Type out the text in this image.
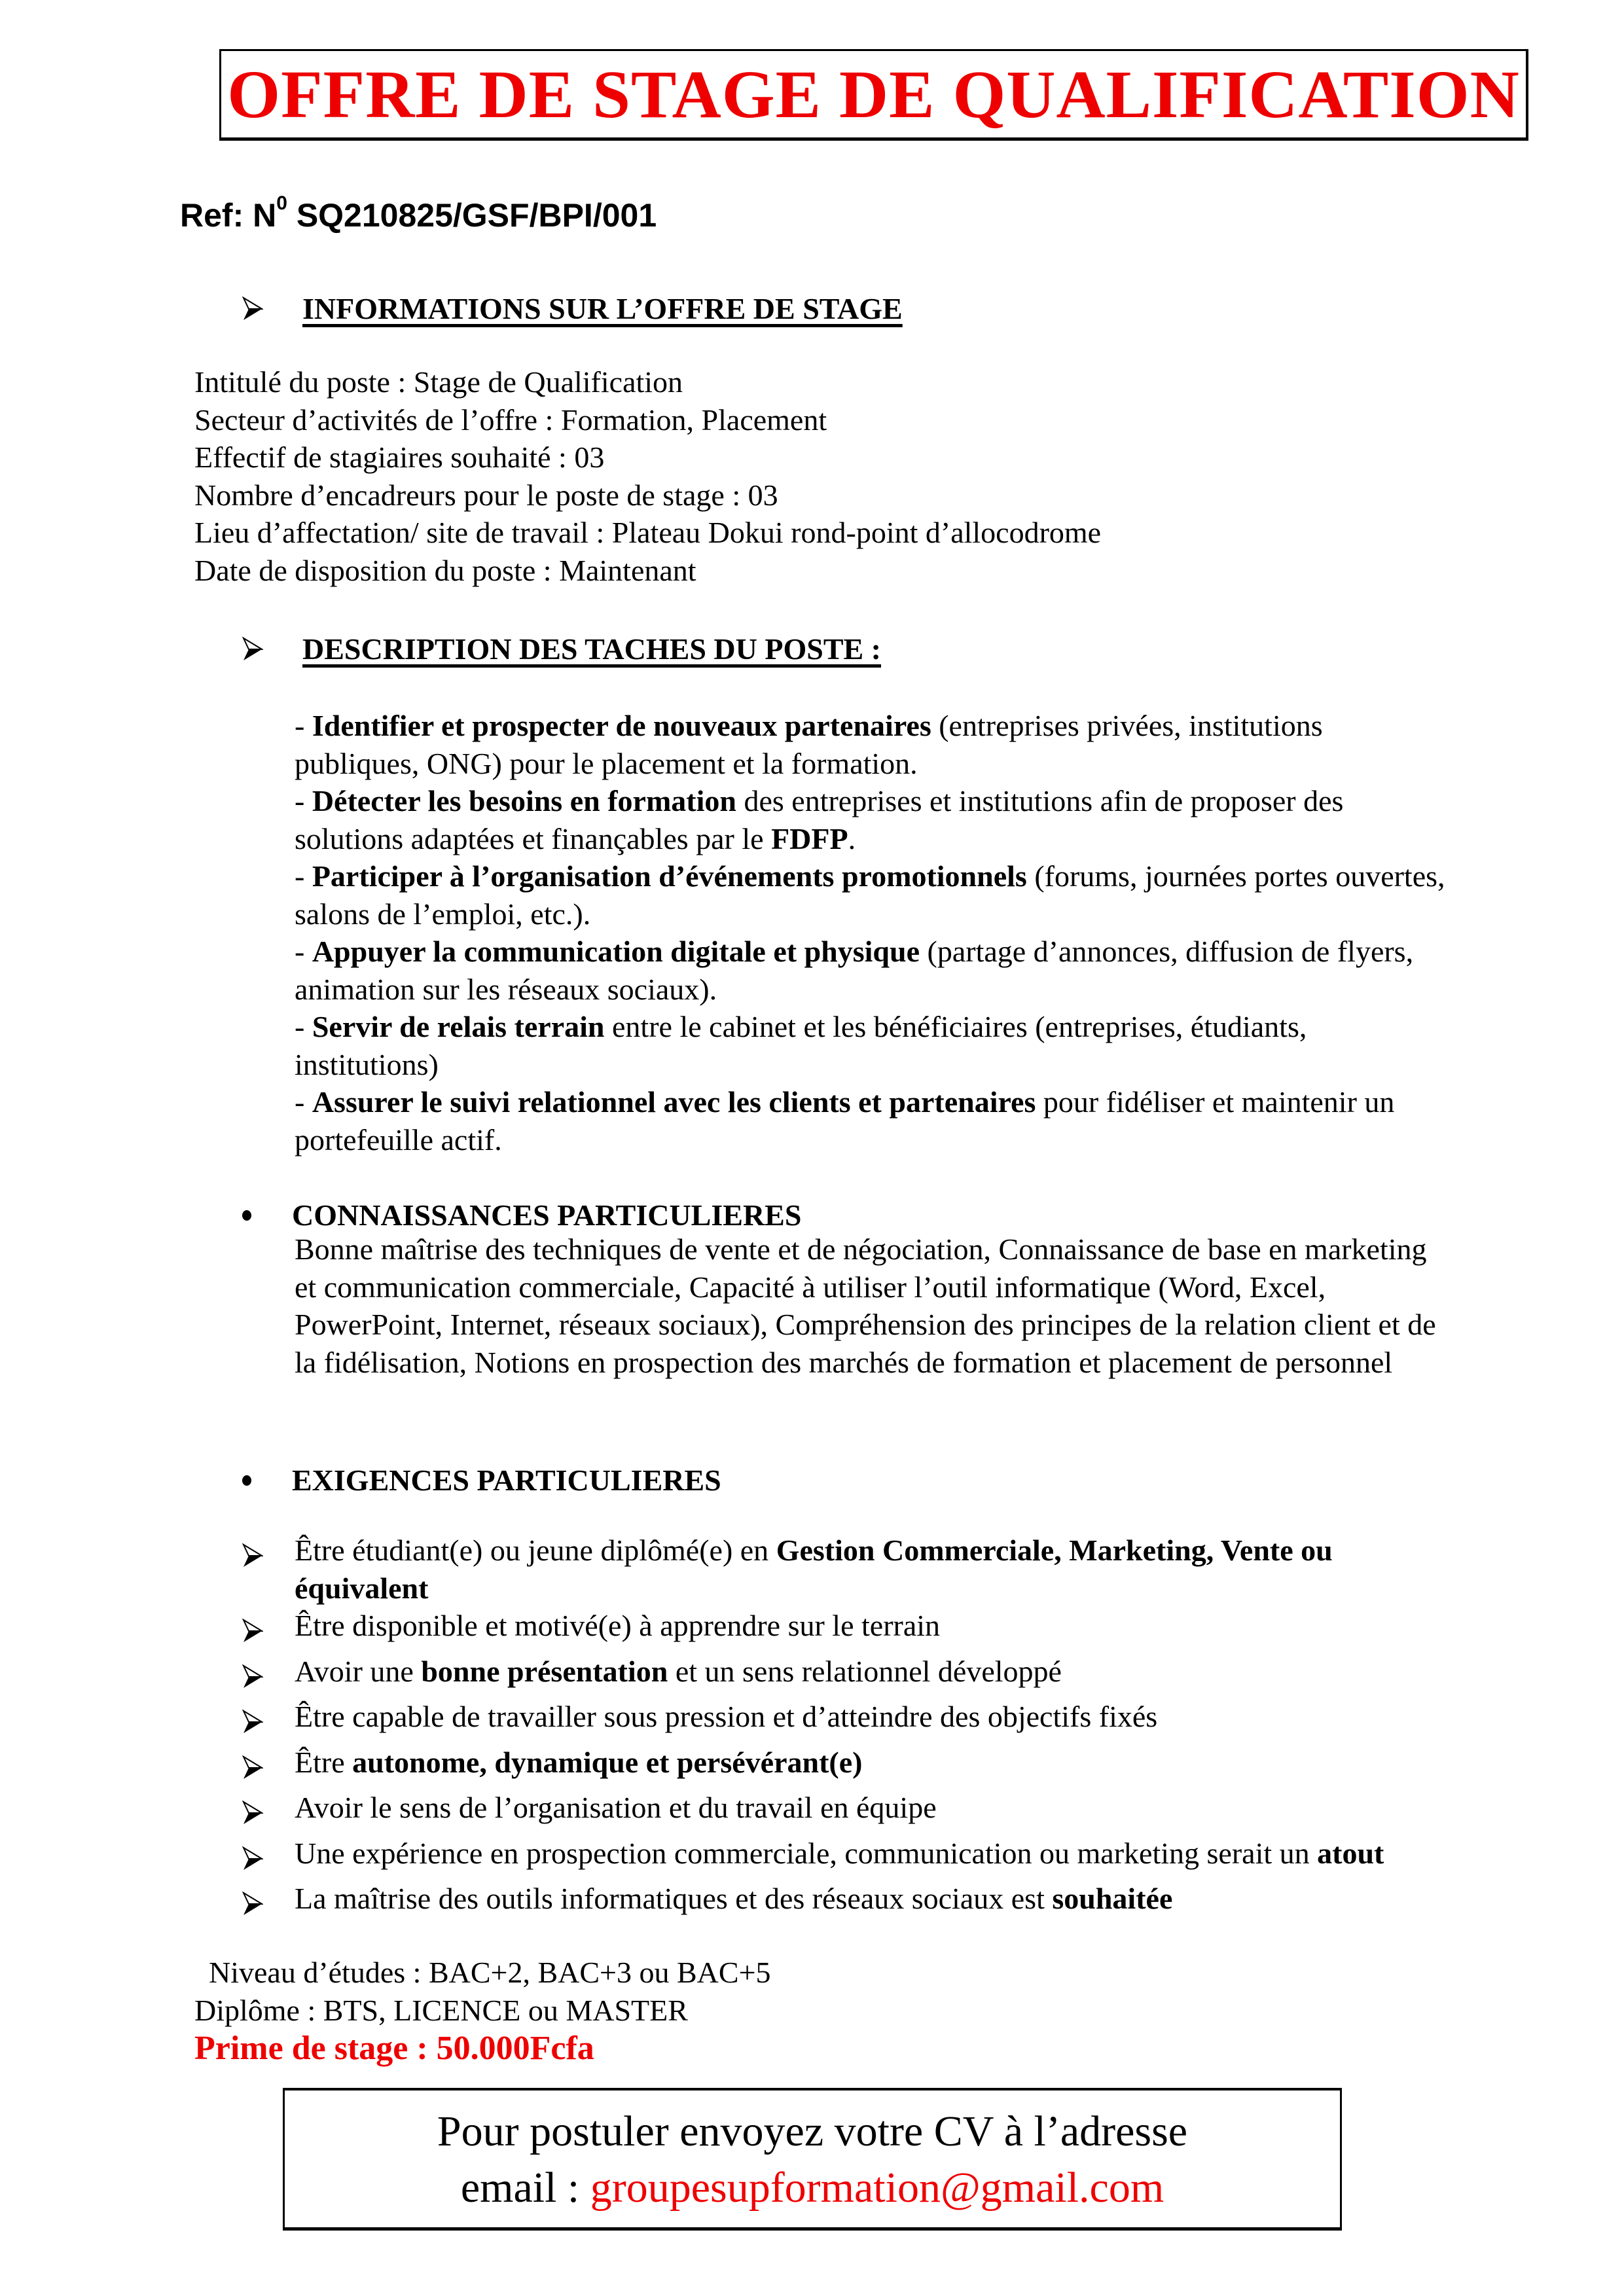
OFFRE DE STAGE DE QUALIFICATION
Ref: $N^0$ SQ210825/GSF/BPI/001
INFORMATIONS SUR L’OFFRE DE STAGE
Intitulé du poste : Stage de Qualification
Secteur d’activités de l’offre : Formation, Placement
Effectif de stagiaires souhaité : 03
Nombre d’encadreurs pour le poste de stage : 03
Lieu d’affectation/ site de travail : Plateau Dokui rond-point d’allocodrome
Date de disposition du poste : Maintenant
DESCRIPTION DES TACHES DU POSTE :

- Identifier et prospecter de nouveaux partenaires (entreprises privées, institutions publiques, ONG) pour le placement et la formation.

- Détecter les besoins en formation des entreprises et institutions afin de proposer des solutions adaptées et finançables par le FDFP.

- Participer à l’organisation d’événements promotionnels (forums, journées portes ouvertes, salons de l’emploi, etc.).

- Appuyer la communication digitale et physique (partage d’annonces, diffusion de flyers, animation sur les réseaux sociaux).

- Servir de relais terrain entre le cabinet et les bénéficiaires (entreprises, étudiants, institutions)

- Assurer le suivi relationnel avec les clients et partenaires pour fidéliser et maintenir un portefeuille actif.

CONNAISSANCES PARTICULIERES
Bonne maîtrise des techniques de vente et de négociation, Connaissance de base en marketing et communication commerciale, Capacité à utiliser l’outil informatique (Word, Excel, PowerPoint, Internet, réseaux sociaux), Compréhension des principes de la relation client et de la fidélisation, Notions en prospection des marchés de formation et placement de personnel
EXIGENCES PARTICULIERES
Être étudiant(e) ou jeune diplômé(e) en Gestion Commerciale, Marketing, Vente ou équivalent
Être disponible et motivé(e) à apprendre sur le terrain
Avoir une bonne présentation et un sens relationnel développé
Être capable de travailler sous pression et d’atteindre des objectifs fixés
Être autonome, dynamique et persévérant(e)
Avoir le sens de l’organisation et du travail en équipe
Une expérience en prospection commerciale, communication ou marketing serait un atout
La maîtrise des outils informatiques et des réseaux sociaux est souhaitée
Niveau d’études : BAC+2, BAC+3 ou BAC+5
Diplôme : BTS, LICENCE ou MASTER
Prime de stage : 50.000Fcfa
Pour postuler envoyez votre CV à l’adresse
email : groupesupformation@gmail.com
